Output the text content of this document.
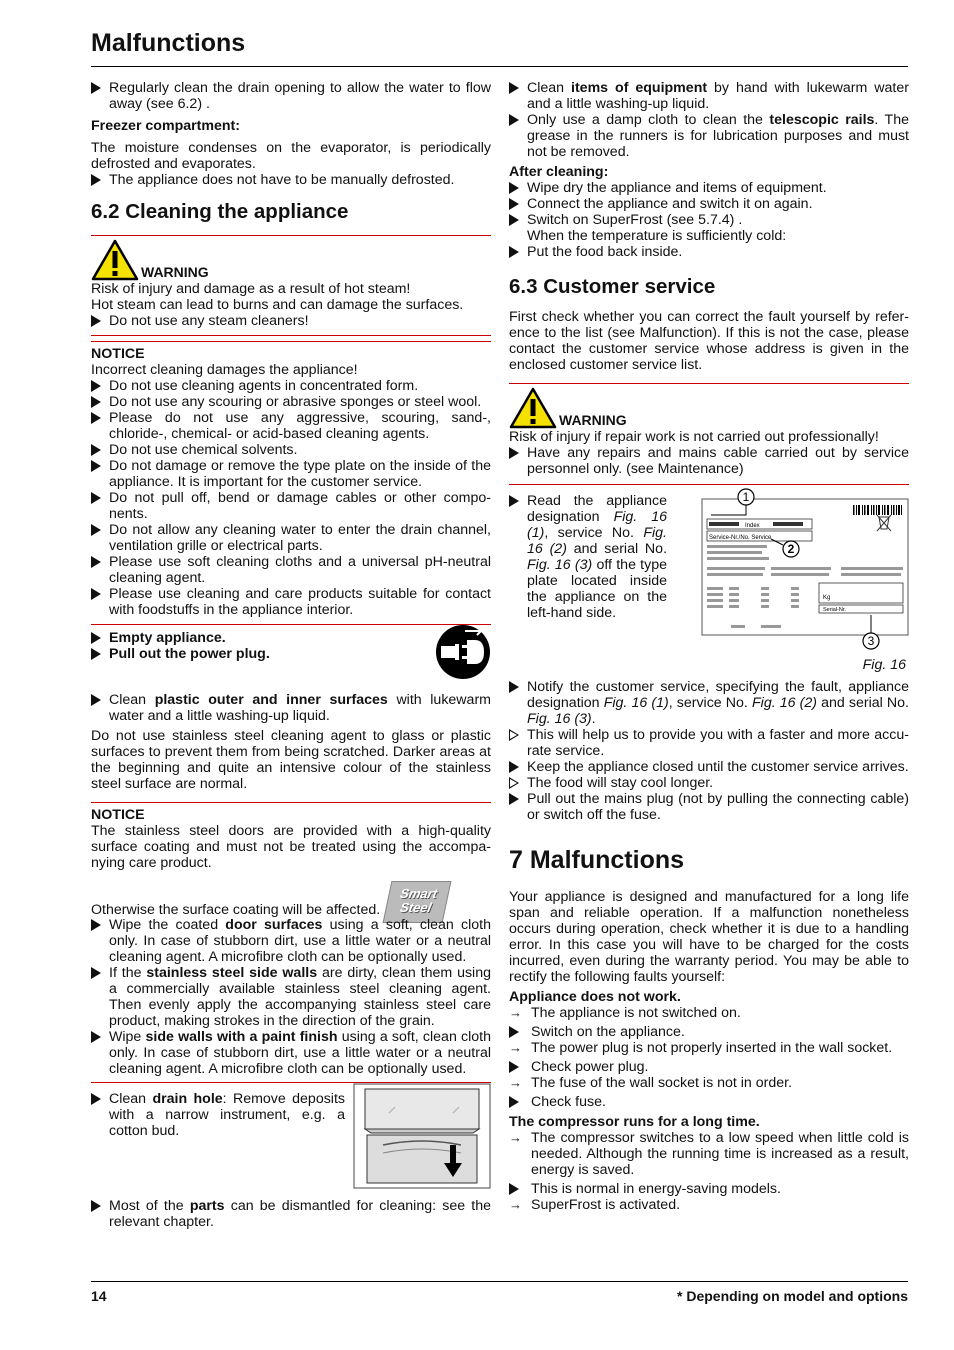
Malfunctions
Regularly clean the drain opening to allow the water to flow away (see 6.2) .

Freezer compartment:

The moisture condenses on the evaporator, is periodically defrosted and evaporates.

The appliance does not have to be manually defrosted.
6.2 Cleaning the appliance
WARNING

Risk of injury and damage as a result of hot steam!

Hot steam can lead to burns and can damage the surfaces.

Do not use any steam cleaners!

NOTICE

Incorrect cleaning damages the appliance!

Do not use cleaning agents in concentrated form.
Do not use any scouring or abrasive sponges or steel wool.
Please do not use any aggressive, scouring, sand-, chloride-, chemical- or acid-based cleaning agents.
Do not use chemical solvents.
Do not damage or remove the type plate on the inside of the appliance. It is important for the customer service.
Do not pull off, bend or damage cables or other compo-nents.
Do not allow any cleaning water to enter the drain channel, ventilation grille or electrical parts.
Please use soft cleaning cloths and a universal pH-neutral cleaning agent.
Please use cleaning and care products suitable for contact with foodstuffs in the appliance interior.
Empty appliance.
Pull out the power plug.
Clean plastic outer and inner surfaces with lukewarm water and a little washing-up liquid.

Do not use stainless steel cleaning agent to glass or plastic surfaces to prevent them from being scratched. Darker areas at the beginning and quite an intensive colour of the stainless steel surface are normal.

NOTICE

The stainless steel doors are provided with a high-quality surface coating and must not be treated using the accompa-nying care product.

Otherwise the surface coating will be affected.

Smart
Steel
Wipe the coated door surfaces using a soft, clean cloth only. In case of stubborn dirt, use a little water or a neutral cleaning agent. A microfibre cloth can be optionally used.
If the stainless steel side walls are dirty, clean them using a commercially available stainless steel cleaning agent. Then evenly apply the accompanying stainless steel care product, making strokes in the direction of the grain.
Wipe side walls with a paint finish using a soft, clean cloth only. In case of stubborn dirt, use a little water or a neutral cleaning agent. A microfibre cloth can be optionally used.
Clean drain hole: Remove deposits with a narrow instrument, e.g. a cotton bud.
Most of the parts can be dismantled for cleaning: see the relevant chapter.
Clean items of equipment by hand with lukewarm water and a little washing-up liquid.
Only use a damp cloth to clean the telescopic rails. The grease in the runners is for lubrication purposes and must not be removed.

After cleaning:

Wipe dry the appliance and items of equipment.
Connect the appliance and switch it on again.
Switch on SuperFrost (see 5.7.4) .

When the temperature is sufficiently cold:

Put the food back inside.
6.3 Customer service

First check whether you can correct the fault yourself by refer-ence to the list (see Malfunction). If this is not the case, please contact the customer service whose address is given in the enclosed customer service list.

WARNING

Risk of injury if repair work is not carried out professionally!

Have any repairs and mains cable carried out by service personnel only. (see Maintenance)
Read the appliance designation Fig. 16 (1), service No. Fig. 16 (2) and serial No. Fig. 16 (3) off the type plate located inside the appliance on the left-hand side.
Index
Service-Nr./No. Service
Kg
Serial-Nr.
1
2
3

Fig. 16

Notify the customer service, specifying the fault, appliance designation Fig. 16 (1), service No. Fig. 16 (2) and serial No. Fig. 16 (3).
This will help us to provide you with a faster and more accu-rate service.
Keep the appliance closed until the customer service arrives.
The food will stay cool longer.
Pull out the mains plug (not by pulling the connecting cable) or switch off the fuse.
7 Malfunctions

Your appliance is designed and manufactured for a long life span and reliable operation. If a malfunction nonetheless occurs during operation, check whether it is due to a handling error. In this case you will have to be charged for the costs incurred, even during the warranty period. You may be able to rectify the following faults yourself:

Appliance does not work.

→ The appliance is not switched on.
Switch on the appliance.
→ The power plug is not properly inserted in the wall socket.
Check power plug.
→ The fuse of the wall socket is not in order.
Check fuse.

The compressor runs for a long time.

→ The compressor switches to a low speed when little cold is needed. Although the running time is increased as a result, energy is saved.
This is normal in energy-saving models.
→ SuperFrost is activated.
14	* Depending on model and options
